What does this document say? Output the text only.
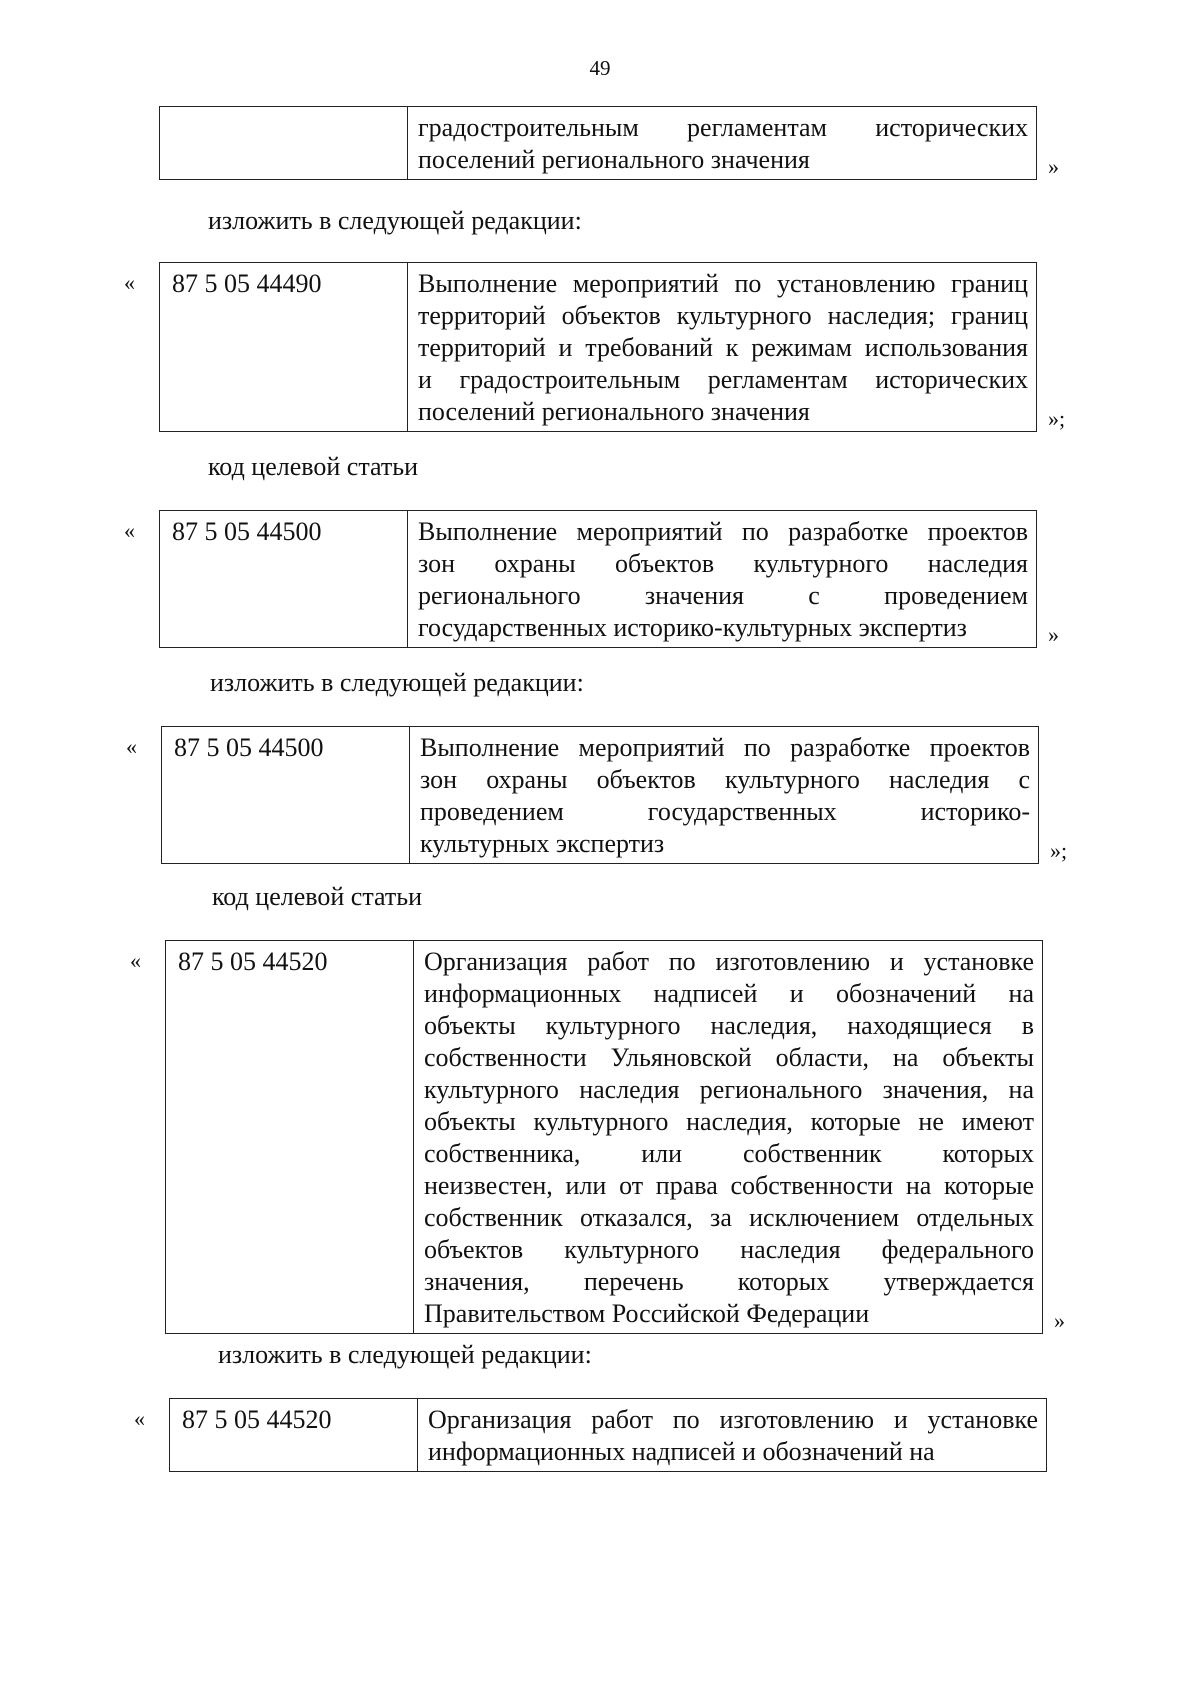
49

градостроительным регламентам исторических
поселений регионального значения	»
изложить в следующей редакции:
« 87 5 05 44490	Выполнение мероприятий по установлению границ
территорий объектов культурного наследия; границ
территорий и требований к режимам использования
и градостроительным регламентам исторических
поселений регионального значения	»;
код целевой статьи
« 87 5 05 44500	Выполнение мероприятий по разработке проектов
зон охраны объектов культурного наследия
регионального значения с проведением
государственных историко-культурных экспертиз	»
изложить в следующей редакции:
« 87 5 05 44500	Выполнение мероприятий по разработке проектов
зон охраны объектов культурного наследия с
проведением государственных историко-
культурных экспертиз	»;
код целевой статьи
« 87 5 05 44520	Организация работ по изготовлению и установке
информационных надписей и обозначений на
объекты культурного наследия, находящиеся в
собственности Ульяновской области, на объекты
культурного наследия регионального значения, на
объекты культурного наследия, которые не имеют
собственника, или собственник которых
неизвестен, или от права собственности на которые
собственник отказался, за исключением отдельных
объектов культурного наследия федерального
значения, перечень которых утверждается
Правительством Российской Федерации	»
изложить в следующей редакции:
« 87 5 05 44520	Организация работ по изготовлению и установке
информационных надписей и обозначений на
